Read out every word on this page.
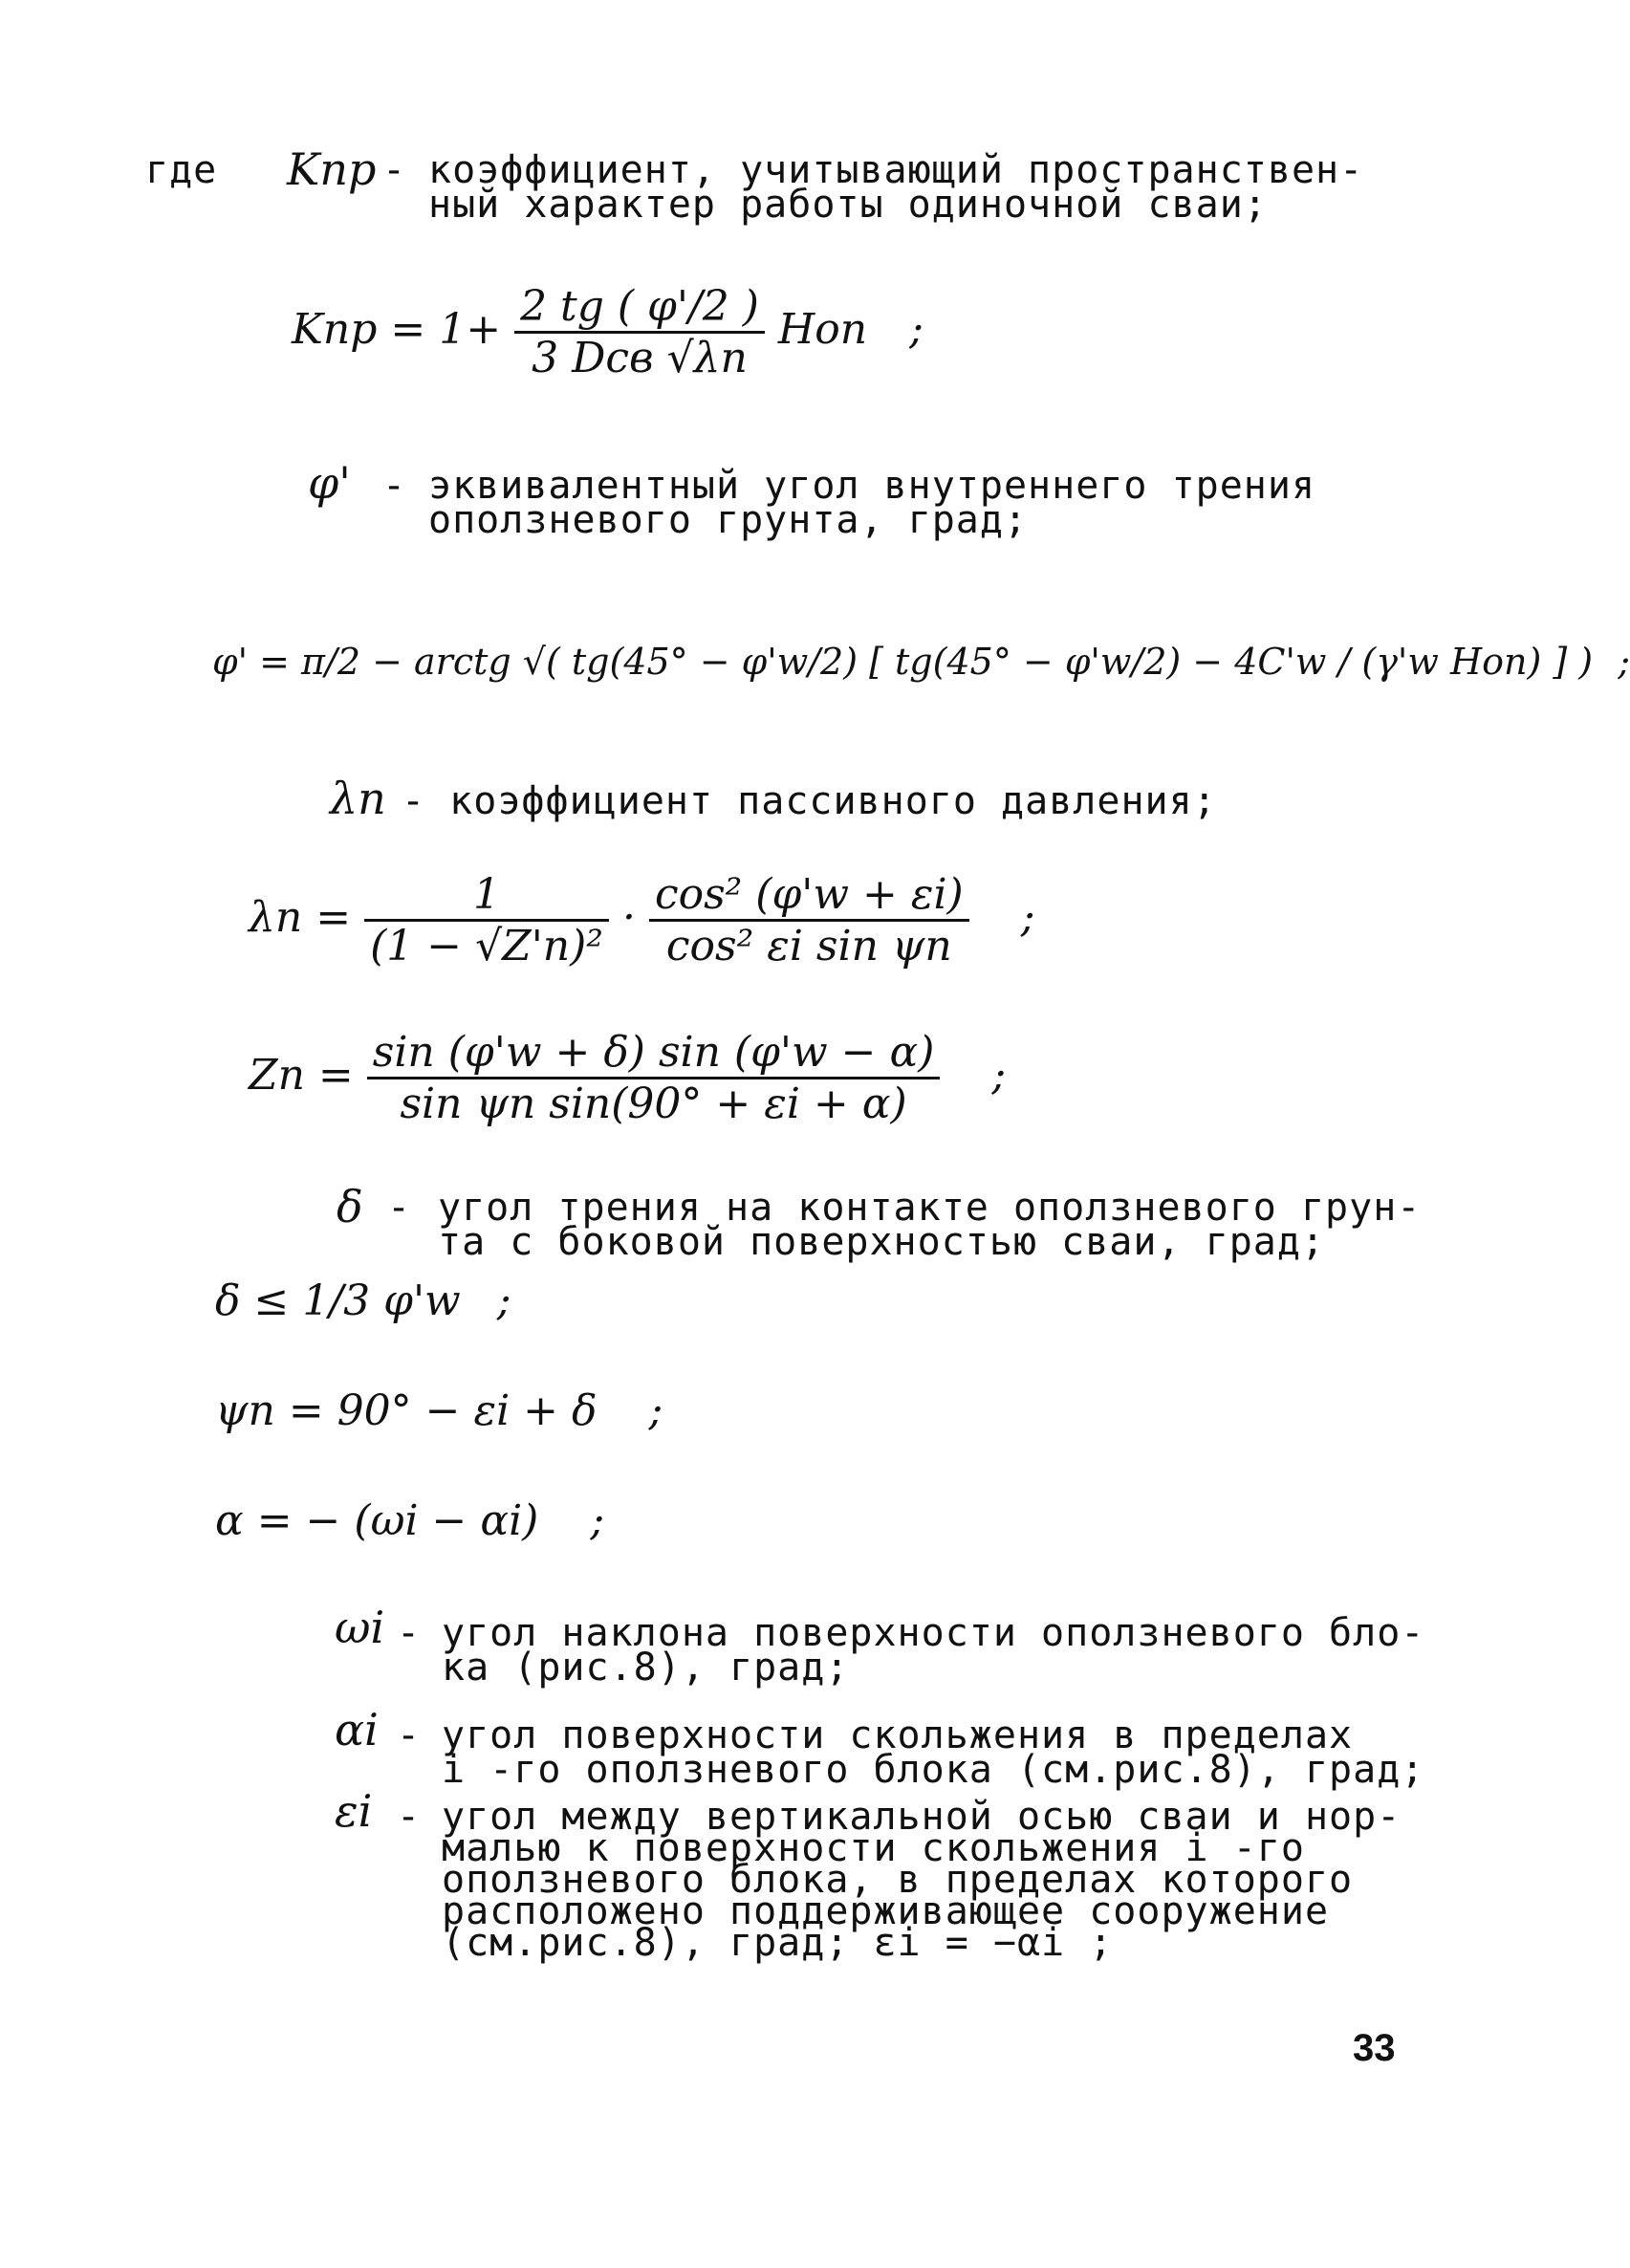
где Kпр - коэффициент, учитывающий пространствен-
ный характер работы одиночной сваи;
Kпр = $1+ \frac{2 tg ( \varphi'/2 )}{\text{3 Dсв √λп}}$ Hоп ;
φ' - эквивалентный угол внутреннего трения
оползневого грунта, град;
φ' = π/2 − arctg √( tg(45° − φ'w/2) [ tg(45° − φ'w/2) − 4C'w / (γ'w Hоп) ] ) ;
λп - коэффициент пассивного давления;
$\lambda п = \frac{1}{\text{(1 − √Z'п)²}} \cdot \frac{\text{cos² (φ'w + εi)}}{\text{cos² εi sin ψп}}$ ;
Zп = $\frac{\sin (\varphi'w + \delta) \sin (\varphi'w - \alpha)}{\text{sin ψп sin(90° + εi + α)}}$ ;
δ - угол трения на контакте оползневого грун-
та с боковой поверхностью сваи, град;
δ ≤ 1/3 φ'w ;
ψп = 90° − εi + δ ;
α = − (ωi − αi) ;
ωi - угол наклона поверхности оползневого бло-
ка (рис.8), град;
αi - угол поверхности скольжения в пределах
i -го оползневого блока (см.рис.8), град;
εi - угол между вертикальной осью сваи и нор-
малью к поверхности скольжения i -го
оползневого блока, в пределах которого
расположено поддерживающее сооружение
(см.рис.8), град; εi = −αi ;
33
